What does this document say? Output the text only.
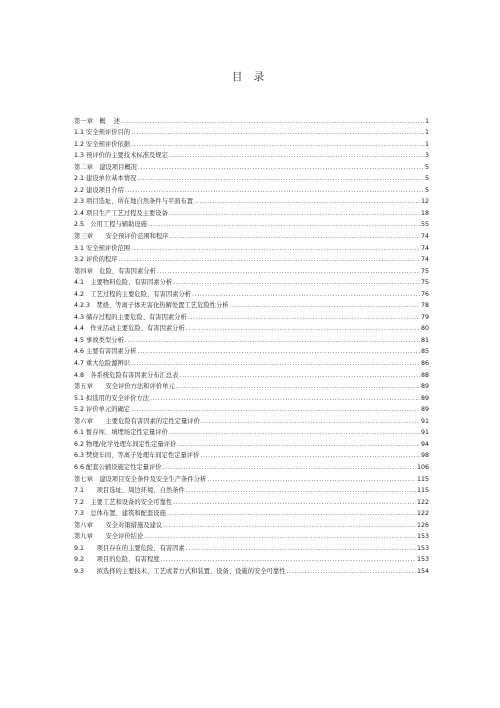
目 录
第一章　概　 述 .....	1
1.1 安全预评价目的 .....	1
1.2 安全预评价依据 .....	1
1.3 预评价的主要技术标准及规定 .....	3
第二章　建设项目概况 .....	5
2.1 建设单位基本情况 .....	5
2.2 建设项目介绍 .....	5
2.3 项目选址、所在地自然条件与平面布置 .....	12
2.4 项目生产工艺过程及主要设备 .....	18
2.5　公用工程与辅助设施 .....	55
第三章　　安全预评价范围和程序 .....	74
3.1 安全预评价范围 .....	74
3.2 评价的程序 .....	74
第四章　危险、有害因素分析 .....	75
4.1　主要物料危险、有害因素分析 .....	75
4.2　工艺过程的主要危险、有害因素分析 .....	76
4.2.3　焚烧、等离子体无害化热解处置工艺危险性分析 .....	78
4.3 储存过程的主要危险、有害因素分析 .....	79
4.4　作业活动主要危险、有害因素分析 .....	80
4.5 事故类型分析 .....	81
4.6 主要有害因素分析 .....	85
4.7 重大危险源辨识 .....	86
4.8　各系统危险有害因素分布汇总表 .....	88
第五章　　安全评价方法和评价单元 .....	89
5.1 拟选用的安全评价方法 .....	89
5.2 评价单元的确定 .....	89
第六章　　主要危险有害因素的定性定量评价 .....	91
6.1 暂存库、填埋场定性定量评价 .....	91
6.2 物理/化学处理车间定性定量评价 .....	94
6.3 焚烧车间、等离子处理车间定性定量评价 .....	98
6.6 配套公辅设施定性定量评价 .....	106
第七章　建设项目安全条件及安全生产条件分析 .....	115
7.1　　项目选址、周边环境、自然条件 .....	115
7.2　主要工艺和设备的安全可靠性 .....	122
7.3　总体布置、建筑和配套设施 .....	122
第八章　　安全对策措施及建议 .....	126
第九章　　安全评价结论 .....	153
9.1　　项目存在的主要危险、有害因素 .....	153
9.2　　项目的危险、有害程度 .....	153
9.3　　拟选择的主要技术、工艺或者方式和装置、设备、设施的安全可靠性 .....	154
